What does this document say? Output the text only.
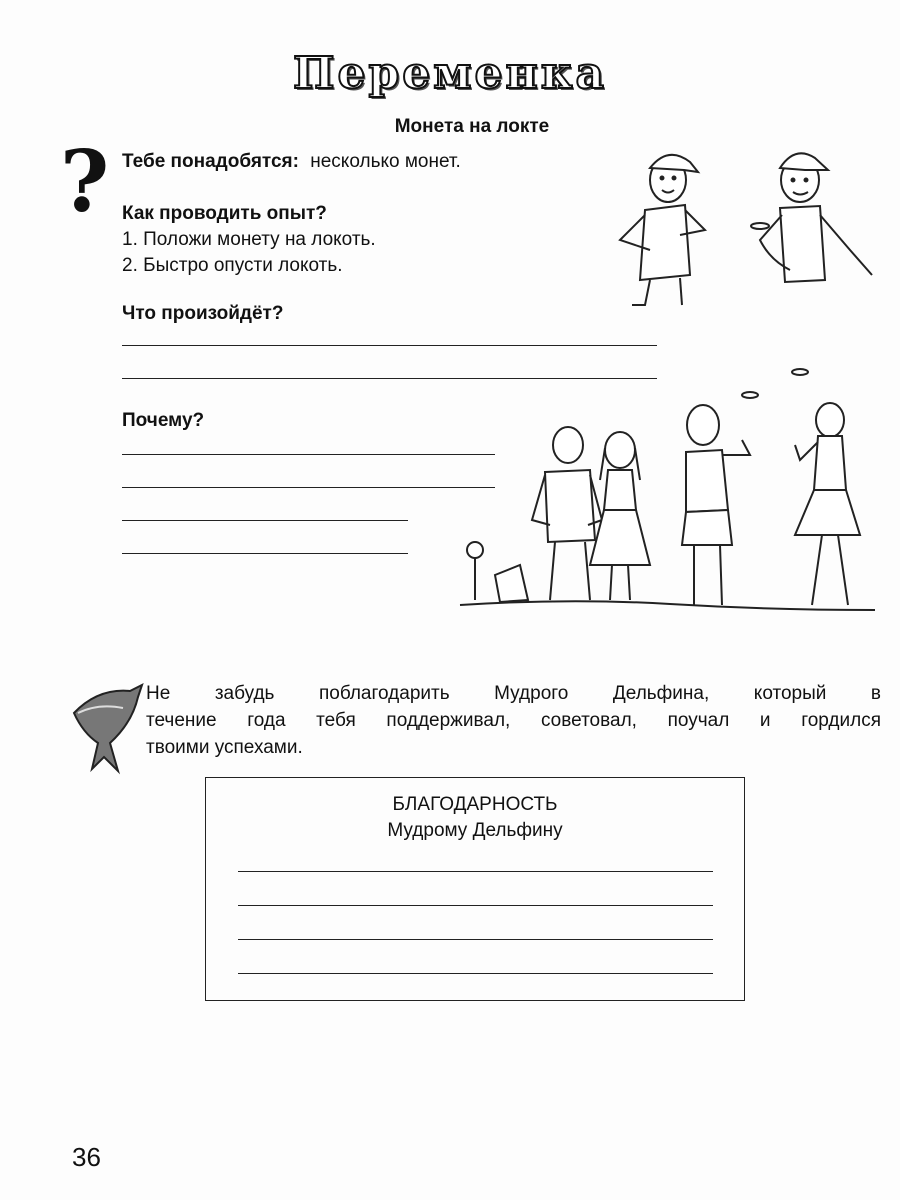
Переменка
Монета на локте
? Тебе понадобятся: несколько монет.
Как проводить опыт?
1. Положи монету на локоть.
2. Быстро опусти локоть.
Что произойдёт?
Почему?
Не забудь поблагодарить Мудрого Дельфина, который в
течение года тебя поддерживал, советовал, поучал и гордился
твоими успехами.
БЛАГОДАРНОСТЬ
Мудрому Дельфину
36
